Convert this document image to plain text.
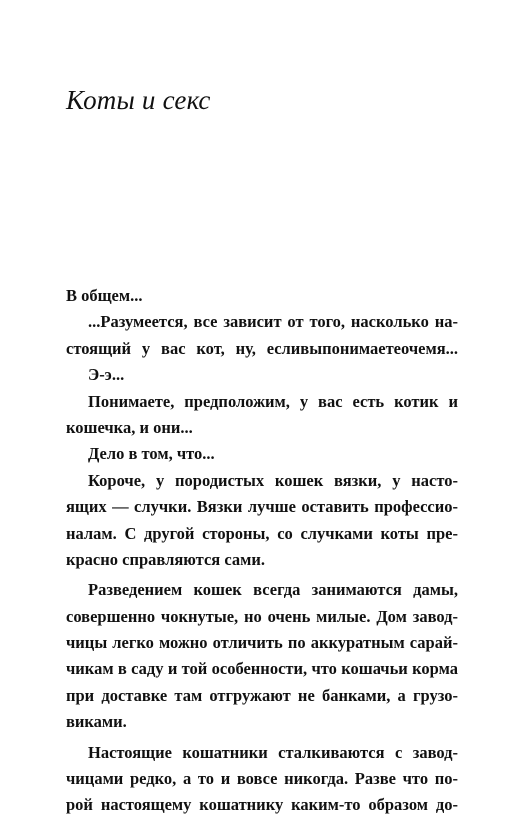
Коты и секс
В общем...
...Разумеется, все зависит от того, насколько на-
стоящий у вас кот, ну, есливыпонимаетеочемя...
Э-э...
Понимаете, предположим, у вас есть котик и
кошечка, и они...
Дело в том, что...
Короче, у породистых кошек вязки, у насто-
ящих — случки. Вязки лучше оставить профессио-
налам. С другой стороны, со случками коты пре-
красно справляются сами.
Разведением кошек всегда занимаются дамы,
совершенно чокнутые, но очень милые. Дом завод-
чицы легко можно отличить по аккуратным сарай-
чикам в саду и той особенности, что кошачьи корма
при доставке там отгружают не банками, а грузо-
виками.
Настоящие кошатники сталкиваются с завод-
чицами редко, а то и вовсе никогда. Разве что по-
рой настоящему кошатнику каким-то образом до-
